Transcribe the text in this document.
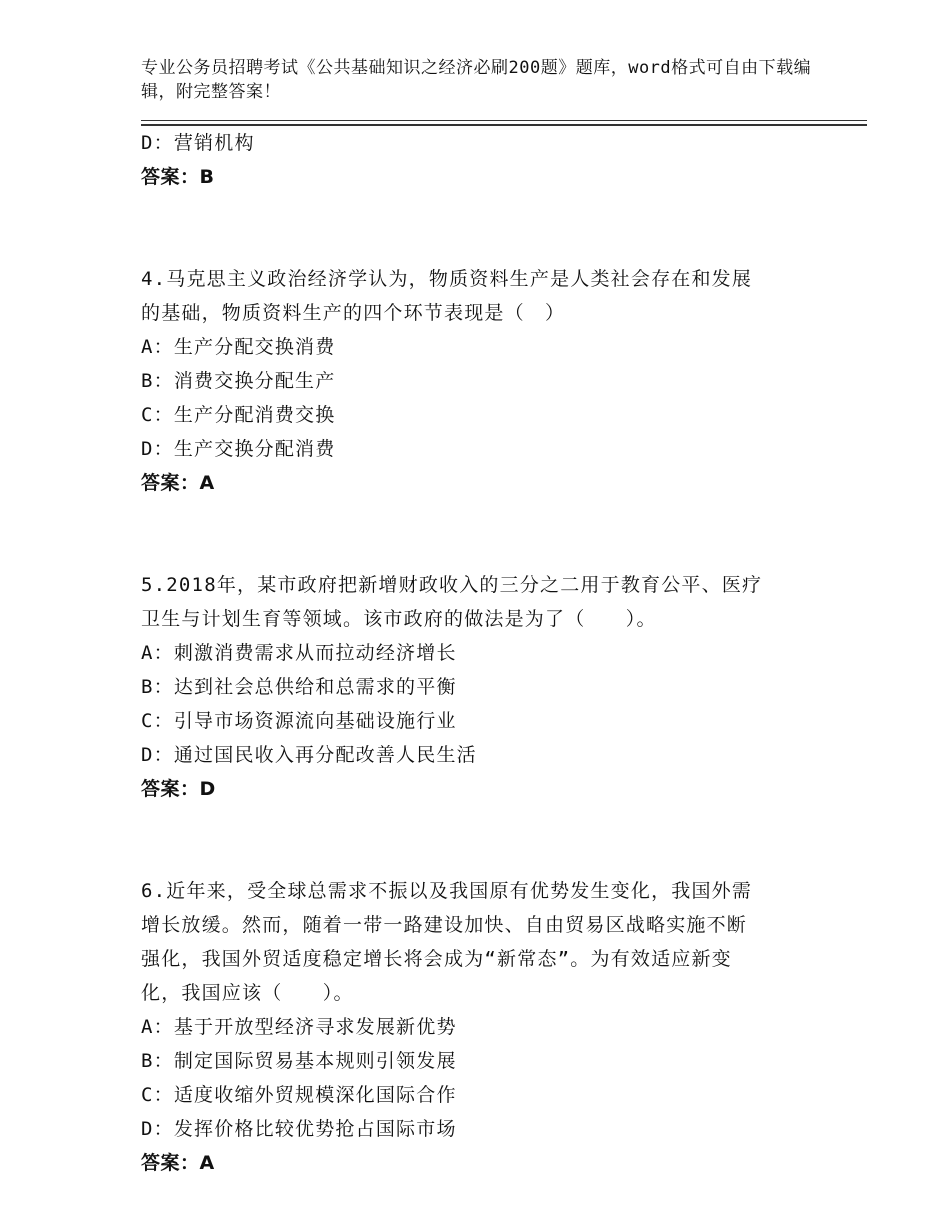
专业公务员招聘考试《公共基础知识之经济必刷200题》题库，word格式可自由下载编辑，附完整答案！
D：营销机构
答案：B
4.马克思主义政治经济学认为，物质资料生产是人类社会存在和发展
的基础，物质资料生产的四个环节表现是（　）
A：生产分配交换消费
B：消费交换分配生产
C：生产分配消费交换
D：生产交换分配消费
答案：A
5.2018年，某市政府把新增财政收入的三分之二用于教育公平、医疗
卫生与计划生育等领域。该市政府的做法是为了（　　）。
A：刺激消费需求从而拉动经济增长
B：达到社会总供给和总需求的平衡
C：引导市场资源流向基础设施行业
D：通过国民收入再分配改善人民生活
答案：D
6.近年来，受全球总需求不振以及我国原有优势发生变化，我国外需
增长放缓。然而，随着一带一路建设加快、自由贸易区战略实施不断
强化，我国外贸适度稳定增长将会成为“新常态”。为有效适应新变
化，我国应该（　　）。
A：基于开放型经济寻求发展新优势
B：制定国际贸易基本规则引领发展
C：适度收缩外贸规模深化国际合作
D：发挥价格比较优势抢占国际市场
答案：A
